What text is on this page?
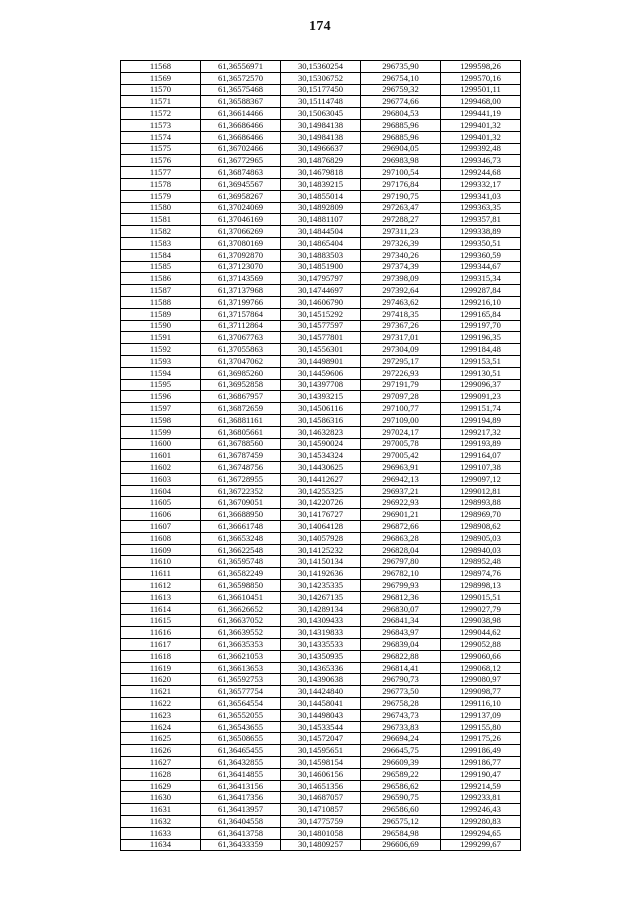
174
11568	61,36556971	30,15360254	296735,90	1299598,26
11569	61,36572570	30,15306752	296754,10	1299570,16
11570	61,36575468	30,15177450	296759,32	1299501,11
11571	61,36588367	30,15114748	296774,66	1299468,00
11572	61,36614466	30,15063045	296804,53	1299441,19
11573	61,36686466	30,14984138	296885,96	1299401,32
11574	61,36686466	30,14984138	296885,96	1299401,32
11575	61,36702466	30,14966637	296904,05	1299392,48
11576	61,36772965	30,14876829	296983,98	1299346,73
11577	61,36874863	30,14679818	297100,54	1299244,68
11578	61,36945567	30,14839215	297176,84	1299332,17
11579	61,36958267	30,14855014	297190,75	1299341,03
11580	61,37024069	30,14892809	297263,47	1299363,35
11581	61,37046169	30,14881107	297288,27	1299357,81
11582	61,37066269	30,14844504	297311,23	1299338,89
11583	61,37080169	30,14865404	297326,39	1299350,51
11584	61,37092870	30,14883503	297340,26	1299360,59
11585	61,37123070	30,14851900	297374,39	1299344,67
11586	61,37143569	30,14795797	297398,09	1299315,34
11587	61,37137968	30,14744697	297392,64	1299287,84
11588	61,37199766	30,14606790	297463,62	1299216,10
11589	61,37157864	30,14515292	297418,35	1299165,84
11590	61,37112864	30,14577597	297367,26	1299197,70
11591	61,37067763	30,14577801	297317,01	1299196,35
11592	61,37055863	30,14556301	297304,09	1299184,48
11593	61,37047062	30,14498901	297295,17	1299153,51
11594	61,36985260	30,14459606	297226,93	1299130,51
11595	61,36952858	30,14397708	297191,79	1299096,37
11596	61,36867957	30,14393215	297097,28	1299091,23
11597	61,36872659	30,14506116	297100,77	1299151,74
11598	61,36881161	30,14586316	297109,00	1299194,89
11599	61,36805661	30,14632823	297024,17	1299217,32
11600	61,36788560	30,14590024	297005,78	1299193,89
11601	61,36787459	30,14534324	297005,42	1299164,07
11602	61,36748756	30,14430625	296963,91	1299107,38
11603	61,36728955	30,14412627	296942,13	1299097,12
11604	61,36722352	30,14255325	296937,21	1299012,81
11605	61,36709051	30,14220726	296922,93	1298993,88
11606	61,36688950	30,14176727	296901,21	1298969,70
11607	61,36661748	30,14064128	296872,66	1298908,62
11608	61,36653248	30,14057928	296863,28	1298905,03
11609	61,36622548	30,14125232	296828,04	1298940,03
11610	61,36595748	30,14150134	296797,80	1298952,48
11611	61,36582249	30,14192636	296782,10	1298974,76
11612	61,36598850	30,14235335	296799,93	1298998,13
11613	61,36610451	30,14267135	296812,36	1299015,51
11614	61,36626652	30,14289134	296830,07	1299027,79
11615	61,36637052	30,14309433	296841,34	1299038,98
11616	61,36639552	30,14319833	296843,97	1299044,62
11617	61,36635353	30,14335533	296839,04	1299052,88
11618	61,36621053	30,14350935	296822,88	1299060,66
11619	61,36613653	30,14365336	296814,41	1299068,12
11620	61,36592753	30,14390638	296790,73	1299080,97
11621	61,36577754	30,14424840	296773,50	1299098,77
11622	61,36564554	30,14458041	296758,28	1299116,10
11623	61,36552055	30,14498043	296743,73	1299137,09
11624	61,36543655	30,14533544	296733,83	1299155,80
11625	61,36508655	30,14572047	296694,24	1299175,26
11626	61,36465455	30,14595651	296645,75	1299186,49
11627	61,36432855	30,14598154	296609,39	1299186,77
11628	61,36414855	30,14606156	296589,22	1299190,47
11629	61,36413156	30,14651356	296586,62	1299214,59
11630	61,36417356	30,14687057	296590,75	1299233,81
11631	61,36413957	30,14710857	296586,60	1299246,43
11632	61,36404558	30,14775759	296575,12	1299280,83
11633	61,36413758	30,14801058	296584,98	1299294,65
11634	61,36433359	30,14809257	296606,69	1299299,67
